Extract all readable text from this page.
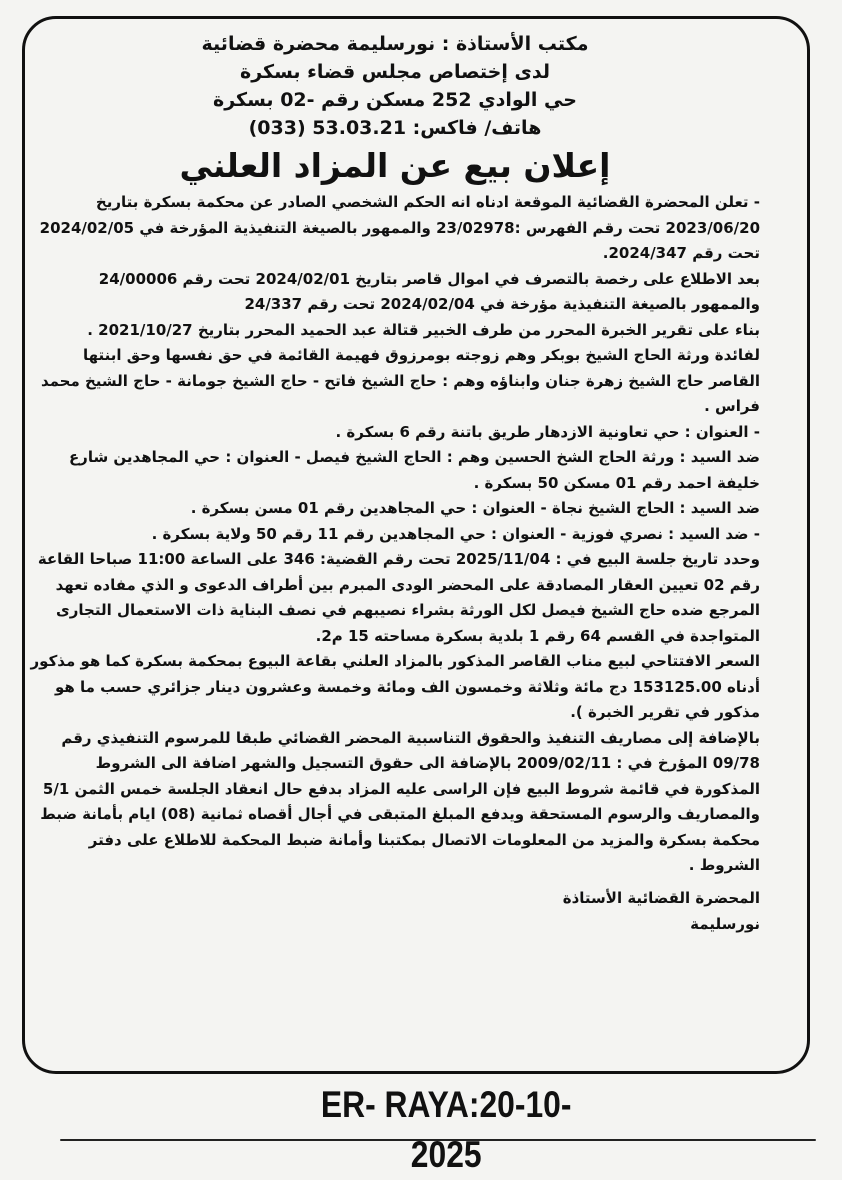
مكتب الأستاذة : نورسليمة محضرة قضائية
لدى إختصاص مجلس قضاء بسكرة
حي الوادي 252 مسكن رقم -02 بسكرة
هاتف/ فاكس: 53.03.21 (033)
إعلان بيع عن المزاد العلني

- تعلن المحضرة القضائية الموقعة ادناه انه الحكم الشخصي الصادر عن محكمة بسكرة بتاريخ 2023/06/20 تحت رقم الفهرس :23/02978 والممهور بالصيغة التنفيذية المؤرخة في 2024/02/05 تحت رقم 2024/347.

بعد الاطلاع على رخصة بالتصرف في اموال قاصر بتاريخ 2024/02/01 تحت رقم 24/00006 والممهور بالصيغة التنفيذية مؤرخة في 2024/02/04 تحت رقم 24/337

بناء على تقرير الخبرة المحرر من طرف الخبير قتالة عبد الحميد المحرر بتاريخ 2021/10/27 .

لفائدة ورثة الحاج الشيخ بوبكر وهم زوجته بومرزوق فهيمة القائمة في حق نفسها وحق ابنتها القاصر حاج الشيخ زهرة جنان وابناؤه وهم : حاج الشيخ فاتح - حاج الشيخ جومانة - حاج الشيخ محمد فراس .

- العنوان : حي تعاونية الازدهار طريق باتنة رقم 6 بسكرة .

ضد السيد : ورثة الحاج الشخ الحسين وهم : الحاج الشيخ فيصل - العنوان : حي المجاهدين شارع خليفة احمد رقم 01 مسكن 50 بسكرة .

ضد السيد : الحاج الشيخ نجاة - العنوان : حي المجاهدين رقم 01 مسن بسكرة .

- ضد السيد : نصري فوزية - العنوان : حي المجاهدين رقم 11 رقم 50 ولاية بسكرة .

وحدد تاريخ جلسة البيع في : 2025/11/04 تحت رقم القضية: 346 على الساعة 11:00 صباحا القاعة رقم 02 تعيين العقار المصادقة على المحضر الودى المبرم بين أطراف الدعوى و الذي مفاده تعهد المرجع ضده حاج الشيخ فيصل لكل الورثة بشراء نصيبهم في نصف البناية ذات الاستعمال التجارى المتواجدة في القسم 64 رقم 1 بلدية بسكرة مساحته 15 م2.

السعر الافتتاحي لبيع مناب القاصر المذكور بالمزاد العلني بقاعة البيوع بمحكمة بسكرة كما هو مذكور أدناه 153125.00 دج مائة وثلاثة وخمسون الف ومائة وخمسة وعشرون دينار جزائري حسب ما هو مذكور في تقرير الخبرة ).

بالإضافة إلى مصاريف التنفيذ والحقوق التناسبية المحضر القضائي طبقا للمرسوم التنفيذي رقم 09/78 المؤرخ في : 2009/02/11 بالإضافة الى حقوق التسجيل والشهر اضافة الى الشروط المذكورة في قائمة شروط البيع فإن الراسى عليه المزاد بدفع حال انعقاد الجلسة خمس الثمن 5/1 والمصاريف والرسوم المستحقة ويدفع المبلغ المتبقى في أجال أقصاه ثمانية (08) ايام بأمانة ضبط محكمة بسكرة والمزيد من المعلومات الاتصال بمكتبنا وأمانة ضبط المحكمة للاطلاع على دفتر الشروط .

المحضرة القضائية الأستاذة
نورسليمة
ER- RAYA:20-10-2025
